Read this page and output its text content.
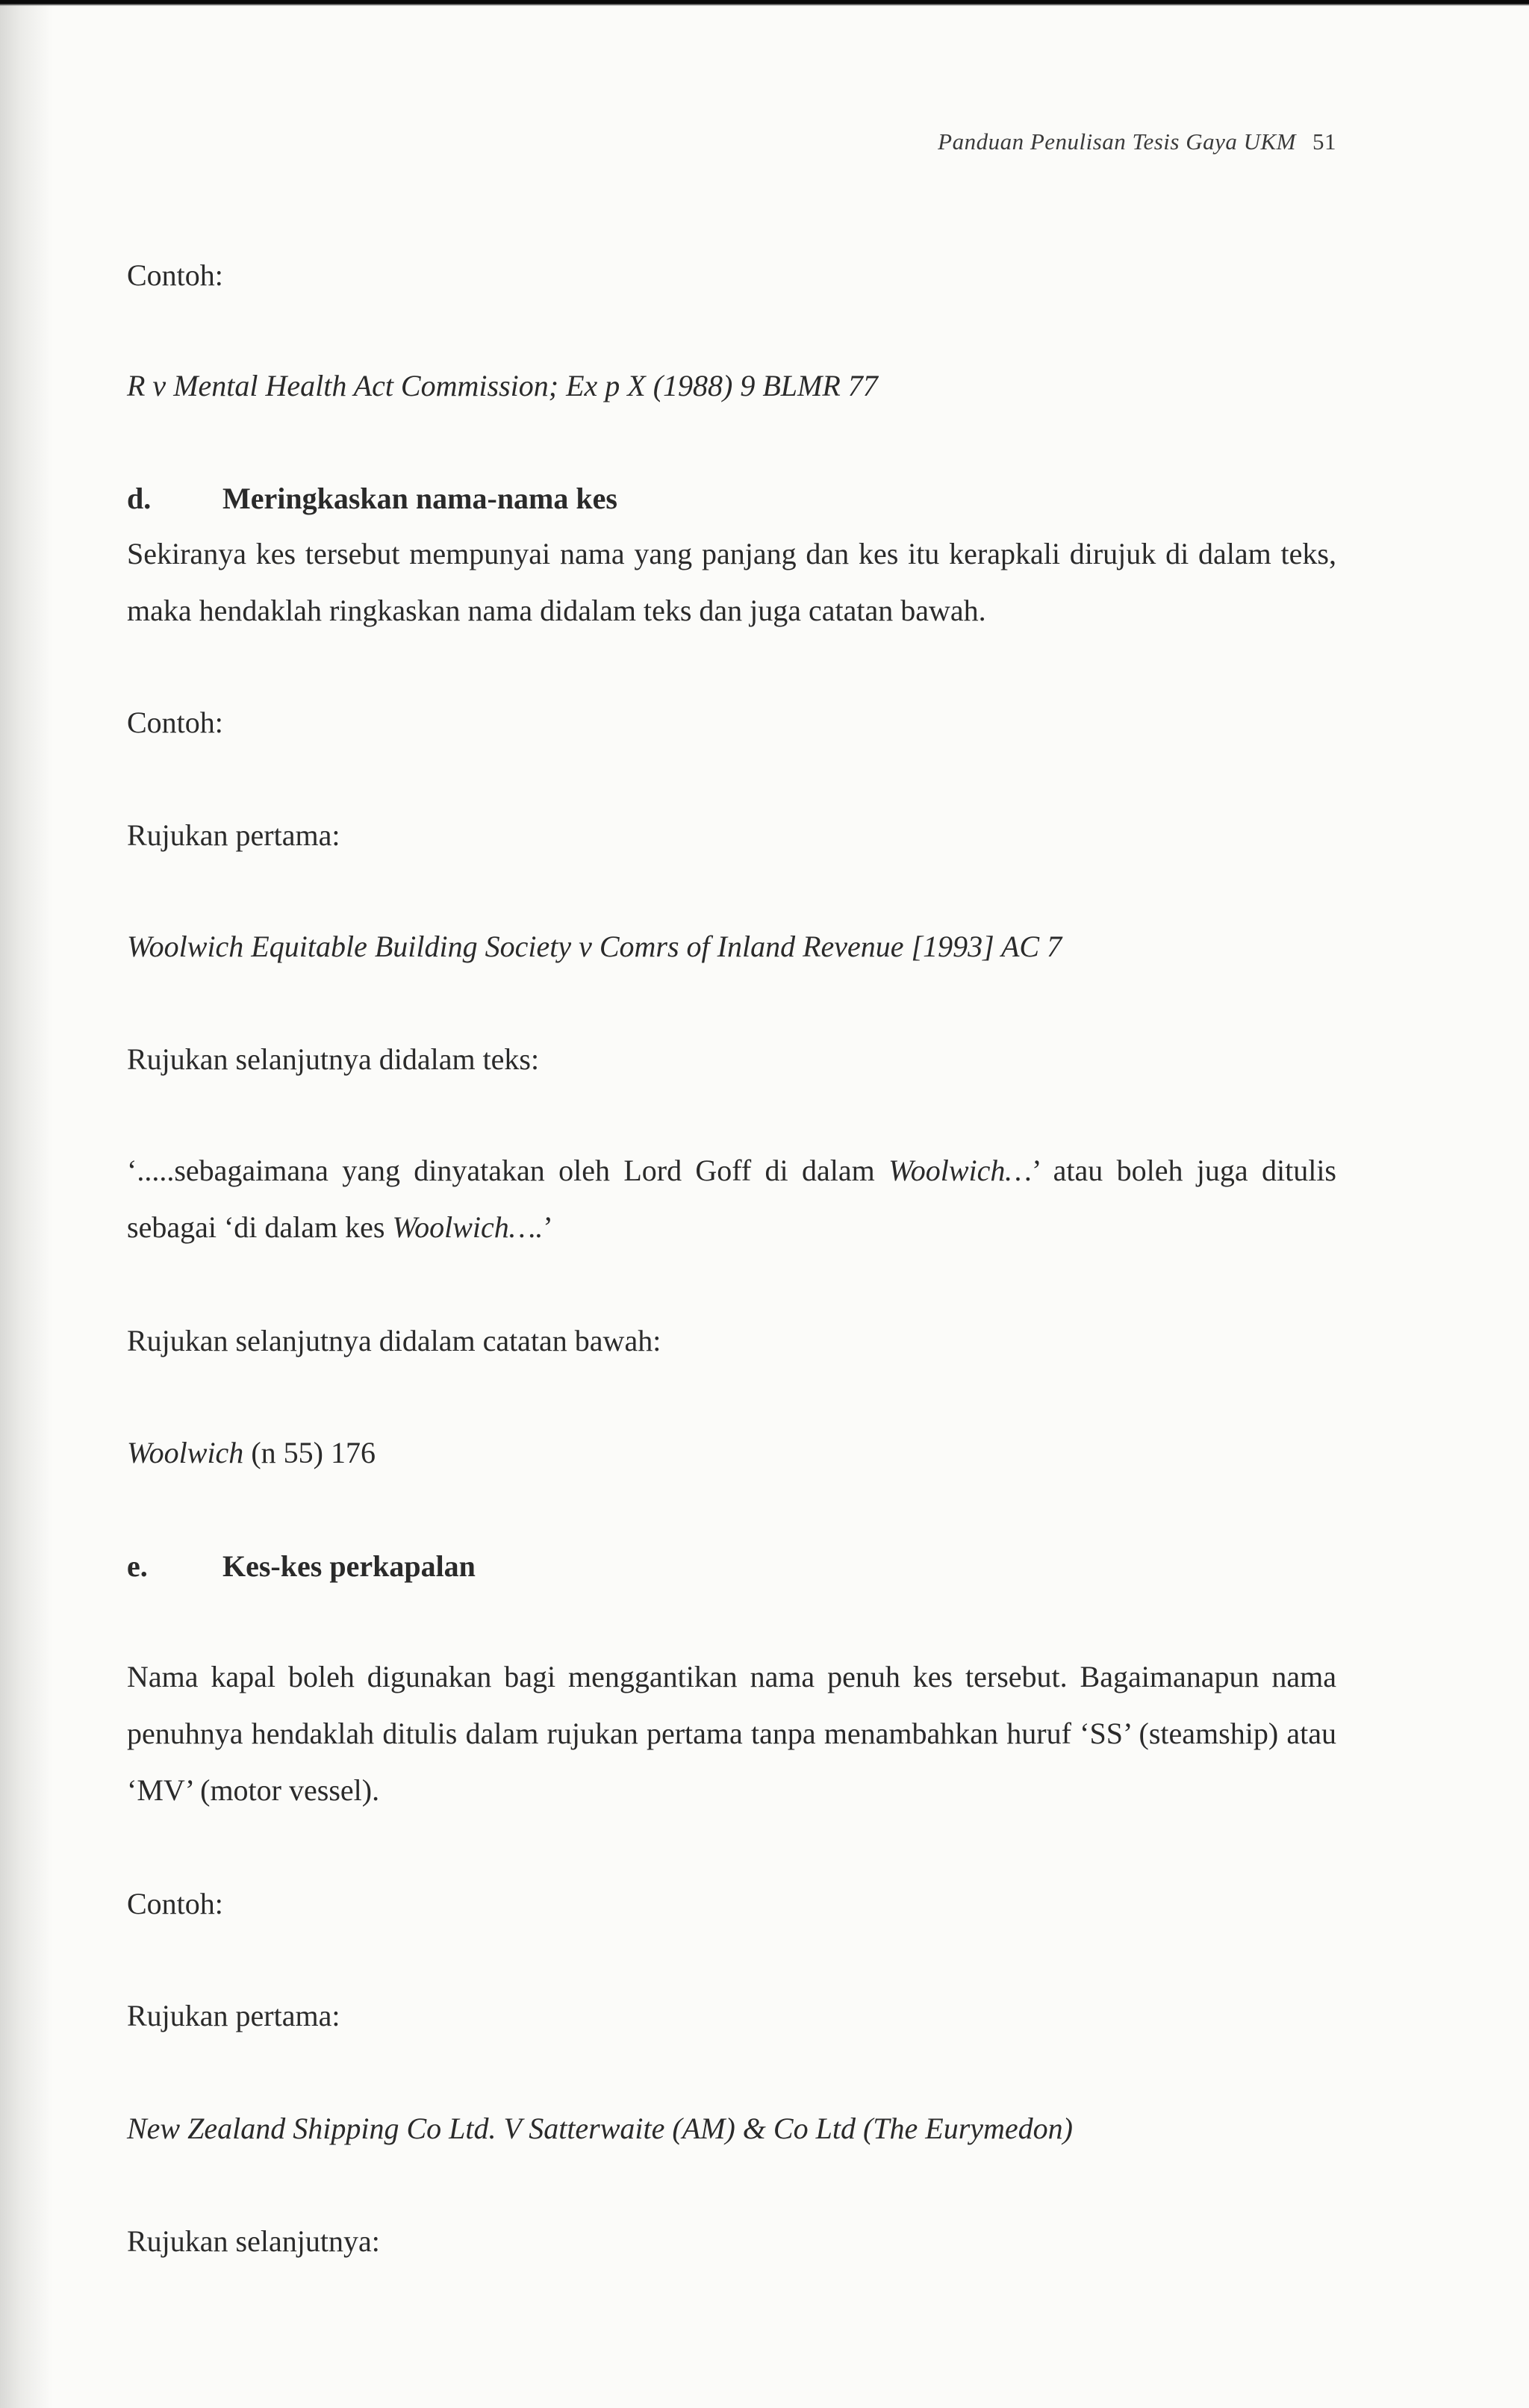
Panduan Penulisan Tesis Gaya UKM 51
Contoh:
R v Mental Health Act Commission; Ex p X (1988) 9 BLMR 77
d. Meringkaskan nama-nama kes
Sekiranya kes tersebut mempunyai nama yang panjang dan kes itu kerapkali dirujuk di dalam teks, maka hendaklah ringkaskan nama didalam teks dan juga catatan bawah.
Contoh:
Rujukan pertama:
Woolwich Equitable Building Society v Comrs of Inland Revenue [1993] AC 7
Rujukan selanjutnya didalam teks:
‘.....sebagaimana yang dinyatakan oleh Lord Goff di dalam Woolwich…’ atau boleh juga ditulis sebagai ‘di dalam kes Woolwich….’
Rujukan selanjutnya didalam catatan bawah:
Woolwich (n 55) 176
e.	Kes-kes perkapalan
Nama kapal boleh digunakan bagi menggantikan nama penuh kes tersebut. Bagaimanapun nama penuhnya hendaklah ditulis dalam rujukan pertama tanpa menambahkan huruf ‘SS’ (steamship) atau ‘MV’ (motor vessel).
Contoh:
Rujukan pertama:
New Zealand Shipping Co Ltd. V Satterwaite (AM) & Co Ltd (The Eurymedon)
Rujukan selanjutnya:
